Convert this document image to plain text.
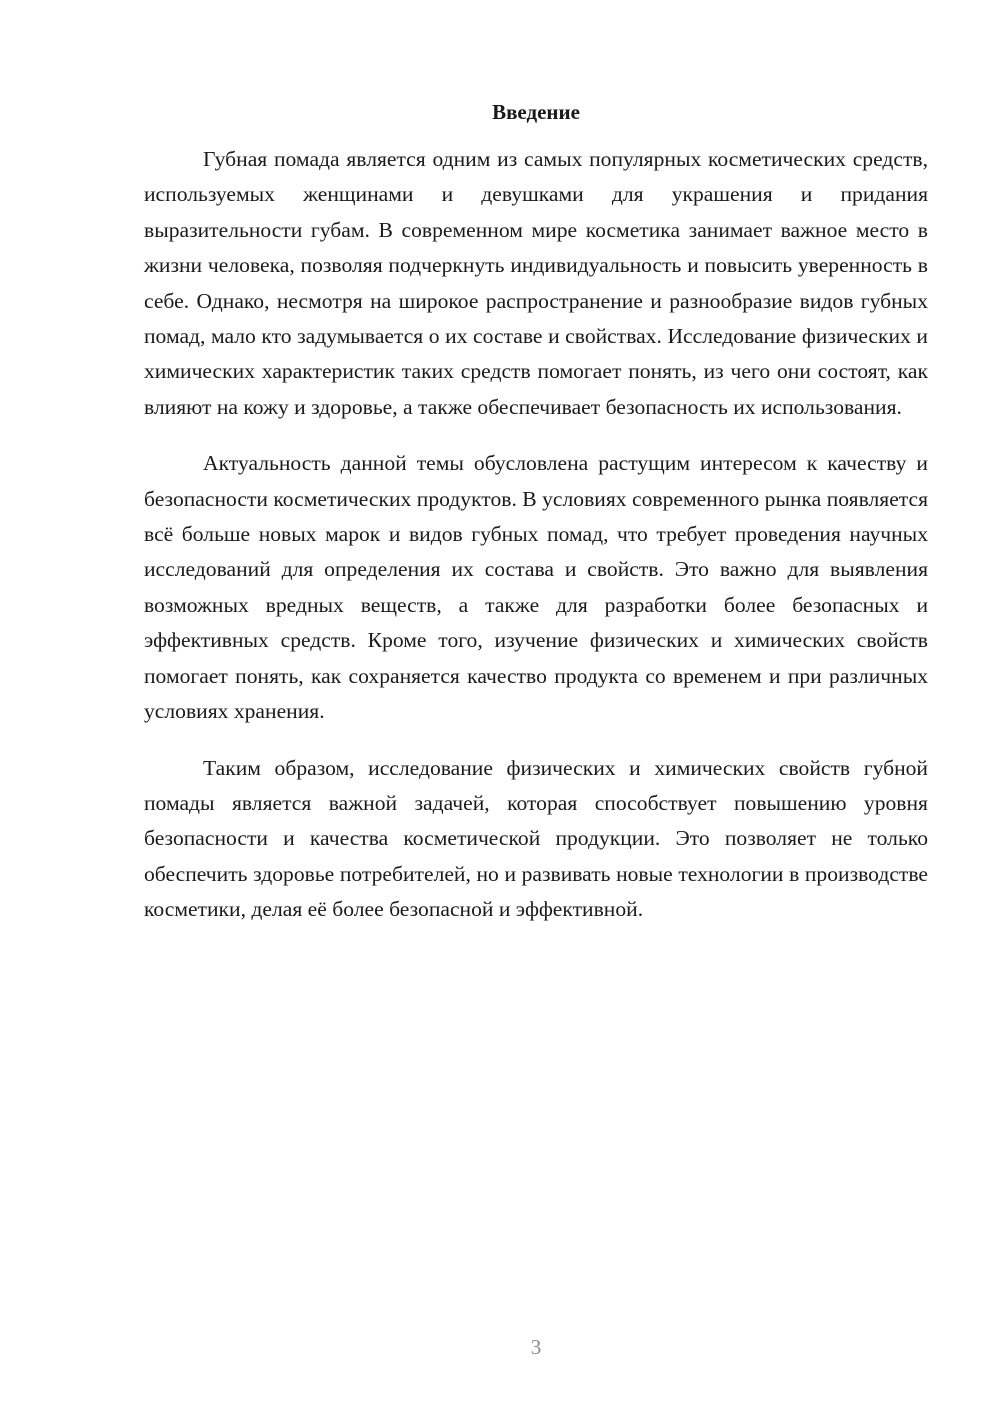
Введение

Губная помада является одним из самых популярных косметических средств, используемых женщинами и девушками для украшения и придания выразительности губам. В современном мире косметика занимает важное место в жизни человека, позволяя подчеркнуть индивидуальность и повысить уверенность в себе. Однако, несмотря на широкое распространение и разнообразие видов губных помад, мало кто задумывается о их составе и свойствах. Исследование физических и химических характеристик таких средств помогает понять, из чего они состоят, как влияют на кожу и здоровье, а также обеспечивает безопасность их использования.

Актуальность данной темы обусловлена растущим интересом к качеству и безопасности косметических продуктов. В условиях современного рынка появляется всё больше новых марок и видов губных помад, что требует проведения научных исследований для определения их состава и свойств. Это важно для выявления возможных вредных веществ, а также для разработки более безопасных и эффективных средств. Кроме того, изучение физических и химических свойств помогает понять, как сохраняется качество продукта со временем и при различных условиях хранения.

Таким образом, исследование физических и химических свойств губной помады является важной задачей, которая способствует повышению уровня безопасности и качества косметической продукции. Это позволяет не только обеспечить здоровье потребителей, но и развивать новые технологии в производстве косметики, делая её более безопасной и эффективной.

3
